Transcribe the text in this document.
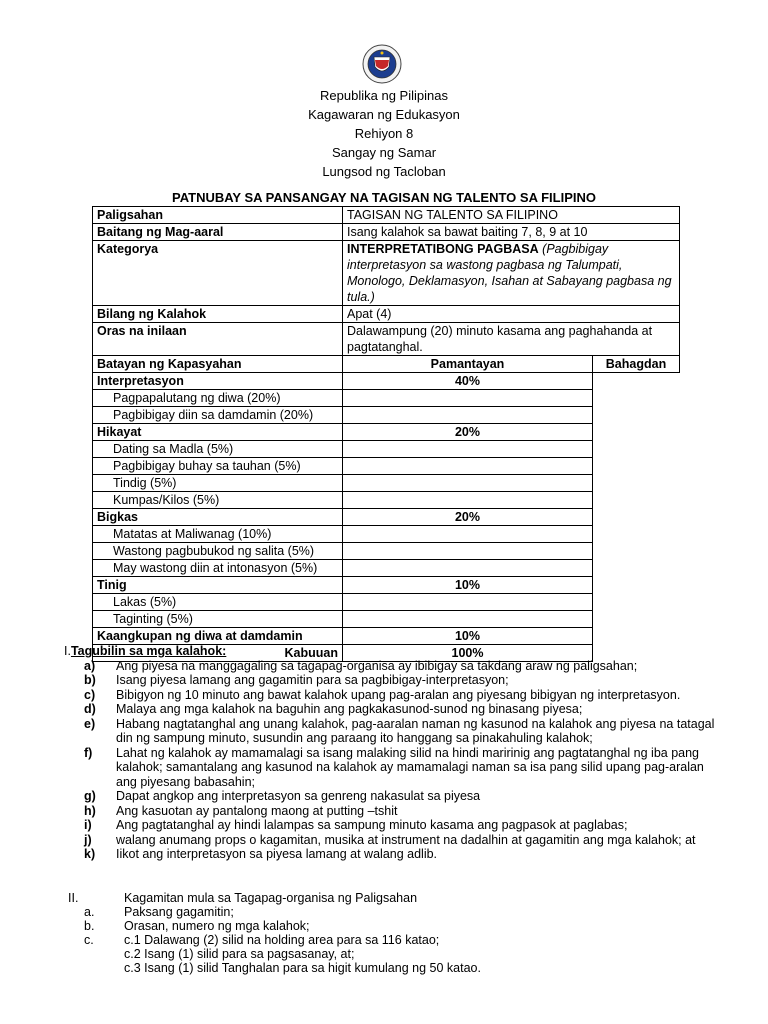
Republika ng Pilipinas
Kagawaran ng Edukasyon
Rehiyon 8
Sangay ng Samar
Lungsod ng Tacloban
PATNUBAY SA PANSANGAY NA TAGISAN NG TALENTO SA FILIPINO
Paligsahan	TAGISAN NG TALENTO SA FILIPINO	
Baitang ng Mag-aaral	Isang kalahok sa bawat baiting 7, 8, 9 at 10	
Kategorya	INTERPRETATIBONG PAGBASA (Pagbibigay interpretasyon sa wastong pagbasa ng Talumpati, Monologo, Deklamasyon, Isahan at Sabayang pagbasa ng tula.)	
Bilang ng Kalahok	Apat (4)	
Oras na inilaan	Dalawampung (20) minuto kasama ang paghahanda at pagtatanghal.	
Batayan ng Kapasyahan	Pamantayan	Bahagdan
Interpretasyon	40%	
Pagpapalutang ng diwa (20%)		
Pagbibigay diin sa damdamin (20%)		
Hikayat	20%	
Dating sa Madla (5%)		
Pagbibigay buhay sa tauhan (5%)		
Tindig (5%)		
Kumpas/Kilos (5%)		
Bigkas	20%	
Matatas at Maliwanag (10%)		
Wastong pagbubukod ng salita (5%)		
May wastong diin at intonasyon (5%)		
Tinig	10%	
Lakas (5%)		
Taginting (5%)		
Kaangkupan ng diwa at damdamin	10%	
Kabuuan	100%	
I. Tagubilin sa mga kalahok:
a)	Ang piyesa na manggagaling sa tagapag-organisa ay ibibigay sa takdang araw ng paligsahan;
b)	Isang piyesa lamang ang gagamitin para sa pagbibigay-interpretasyon;
c)	Bibigyon ng 10 minuto ang bawat kalahok upang pag-aralan ang piyesang bibigyan ng interpretasyon.
d)	Malaya ang mga kalahok na baguhin ang pagkakasunod-sunod ng binasang piyesa;
e)	Habang nagtatanghal ang unang kalahok, pag-aaralan naman ng kasunod na kalahok ang piyesa na tatagal din ng sampung minuto, susundin ang paraang ito hanggang sa pinakahuling kalahok;
f)	Lahat ng kalahok ay mamamalagi sa isang malaking silid na hindi maririnig ang pagtatanghal ng iba pang kalahok; samantalang ang kasunod na kalahok ay mamamalagi naman sa isa pang silid upang pag-aralan ang piyesang babasahin;
g)	Dapat angkop ang interpretasyon sa genreng nakasulat sa piyesa
h)	Ang kasuotan ay pantalong maong at putting –tshit
i)	Ang pagtatanghal ay hindi lalampas sa sampung minuto kasama ang pagpasok at paglabas;
j)	walang anumang props o kagamitan, musika at instrument na dadalhin at gagamitin ang mga kalahok; at
k)	Iikot ang interpretasyon sa piyesa lamang at walang adlib.
II.	Kagamitan mula sa Tagapag-organisa ng Paligsahan
a.	Paksang gagamitin;
b.	Orasan, numero ng mga kalahok;
c.	c.1 Dalawang (2) silid na holding area para sa 116 katao;
c.2 Isang (1) silid para sa pagsasanay, at;
c.3 Isang (1) silid Tanghalan para sa higit kumulang ng 50 katao.
